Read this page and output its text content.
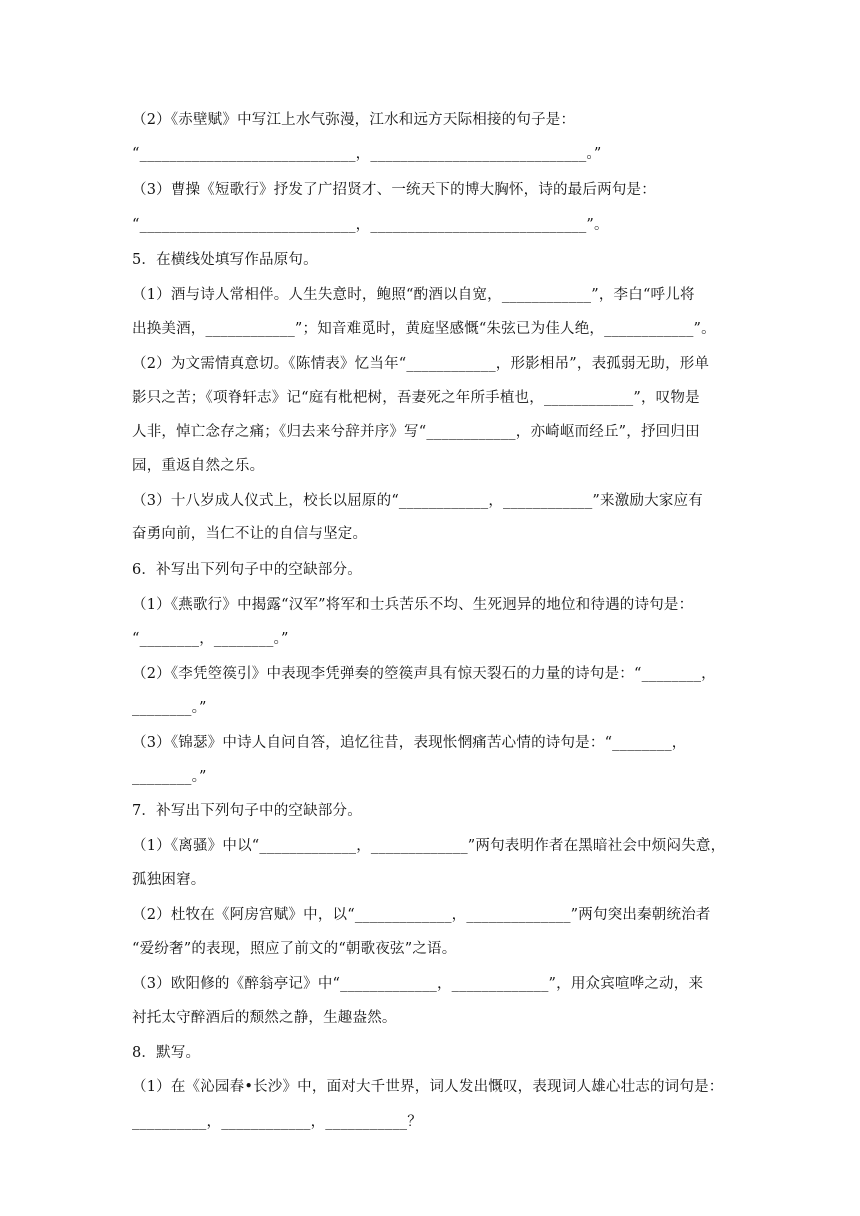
（2）《赤壁赋》中写江上水气弥漫，江水和远方天际相接的句子是：
“_____________________________，_____________________________。”
（3）曹操《短歌行》抒发了广招贤才、一统天下的博大胸怀，诗的最后两句是：
“_____________________________，_____________________________”。
5．在横线处填写作品原句。
（1）酒与诗人常相伴。人生失意时，鲍照“酌酒以自宽，____________”，李白“呼儿将
出换美酒，____________”；知音难觅时，黄庭坚感慨“朱弦已为佳人绝，____________”。
（2）为文需情真意切。《陈情表》忆当年“____________，形影相吊”，表孤弱无助，形单
影只之苦；《项脊轩志》记“庭有枇杷树，吾妻死之年所手植也，____________”，叹物是
人非，悼亡念存之痛；《归去来兮辞并序》写“____________，亦崎岖而经丘”，抒回归田
园，重返自然之乐。
（3）十八岁成人仪式上，校长以屈原的“____________，____________”来激励大家应有
奋勇向前，当仁不让的自信与坚定。
6．补写出下列句子中的空缺部分。
（1）《燕歌行》中揭露“汉军”将军和士兵苦乐不均、生死迥异的地位和待遇的诗句是：
“________，________。”
（2）《李凭箜篌引》中表现李凭弹奏的箜篌声具有惊天裂石的力量的诗句是：“________，
________。”
（3）《锦瑟》中诗人自问自答，追忆往昔，表现怅惘痛苦心情的诗句是：“________，
________。”
7．补写出下列句子中的空缺部分。
（1）《离骚》中以“_____________，_____________”两句表明作者在黑暗社会中烦闷失意，
孤独困窘。
（2）杜牧在《阿房宫赋》中，以“_____________，______________”两句突出秦朝统治者
“爱纷奢”的表现，照应了前文的“朝歌夜弦”之语。
（3）欧阳修的《醉翁亭记》中“_____________，_____________”，用众宾喧哗之动，来
衬托太守醉酒后的颓然之静，生趣盎然。
8．默写。
（1）在《沁园春•长沙》中，面对大千世界，词人发出慨叹，表现词人雄心壮志的词句是：
__________，____________，___________？
